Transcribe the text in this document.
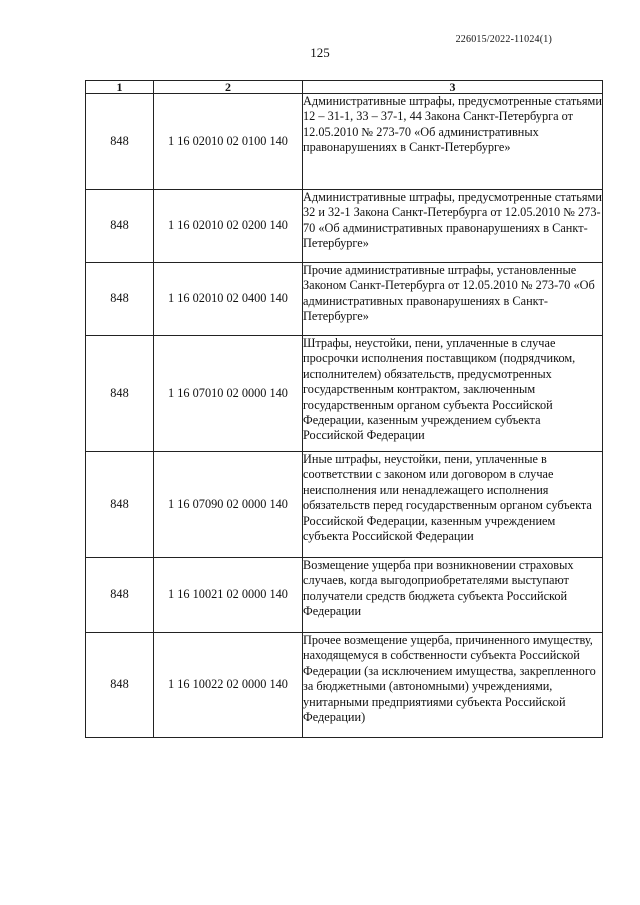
226015/2022-11024(1)
125
1	2	3
848	1 16 02010 02 0100 140	Административные штрафы, предусмотренные статьями 12 – 31-1, 33 – 37-1, 44 Закона Санкт-Петербурга от 12.05.2010 № 273-70 «Об административных правонарушениях в Санкт-Петербурге»
848	1 16 02010 02 0200 140	Административные штрафы, предусмотренные статьями 32 и 32-1 Закона Санкт-Петербурга от 12.05.2010 № 273-70 «Об административных правонарушениях в Санкт-Петербурге»
848	1 16 02010 02 0400 140	Прочие административные штрафы, установленные Законом Санкт-Петербурга от 12.05.2010 № 273-70 «Об административных правонарушениях в Санкт-Петербурге»
848	1 16 07010 02 0000 140	Штрафы, неустойки, пени, уплаченные в случае просрочки исполнения поставщиком (подрядчиком, исполнителем) обязательств, предусмотренных государственным контрактом, заключенным государственным органом субъекта Российской Федерации, казенным учреждением субъекта Российской Федерации
848	1 16 07090 02 0000 140	Иные штрафы, неустойки, пени, уплаченные в соответствии с законом или договором в случае неисполнения или ненадлежащего исполнения обязательств перед государственным органом субъекта Российской Федерации, казенным учреждением субъекта Российской Федерации
848	1 16 10021 02 0000 140	Возмещение ущерба при возникновении страховых случаев, когда выгодоприобретателями выступают получатели средств бюджета субъекта Российской Федерации
848	1 16 10022 02 0000 140	Прочее возмещение ущерба, причиненного имуществу, находящемуся в собственности субъекта Российской Федерации (за исключением имущества, закрепленного за бюджетными (автономными) учреждениями, унитарными предприятиями субъекта Российской Федерации)
